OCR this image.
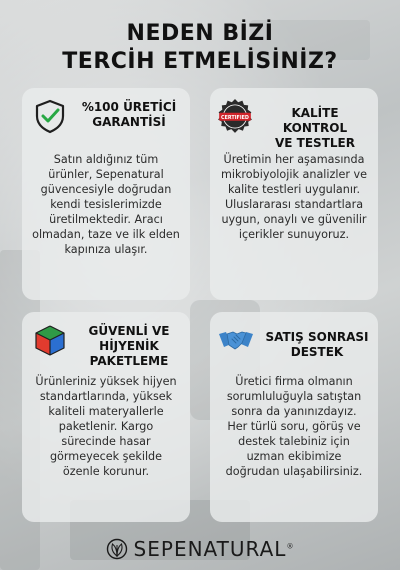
NEDEN BİZİ
TERCİH ETMELİSİNİZ?
%100 ÜRETİCİ
GARANTİSİ

Satın aldığınız tüm ürünler, Sepenatural güvencesiyle doğrudan kendi tesislerimizde üretilmektedir. Aracı olmadan, taze ve ilk elden kapınıza ulaşır.

CERTIFIED	KALİTE KONTROL
VE TESTLER

Üretimin her aşamasında mikrobiyolojik analizler ve kalite testleri uygulanır. Uluslararası standartlara uygun, onaylı ve güvenilir içerikler sunuyoruz.

GÜVENLİ VE
HİJYENİK
PAKETLEME

Ürünleriniz yüksek hijyen standartlarında, yüksek kaliteli materyallerle paketlenir. Kargo sürecinde hasar görmeyecek şekilde özenle korunur.

SATIŞ SONRASI
DESTEK

Üretici firma olmanın sorumluluğuyla satıştan sonra da yanınızdayız. Her türlü soru, görüş ve destek talebiniz için uzman ekibimize doğrudan ulaşabilirsiniz.

SEPENATURAL®
